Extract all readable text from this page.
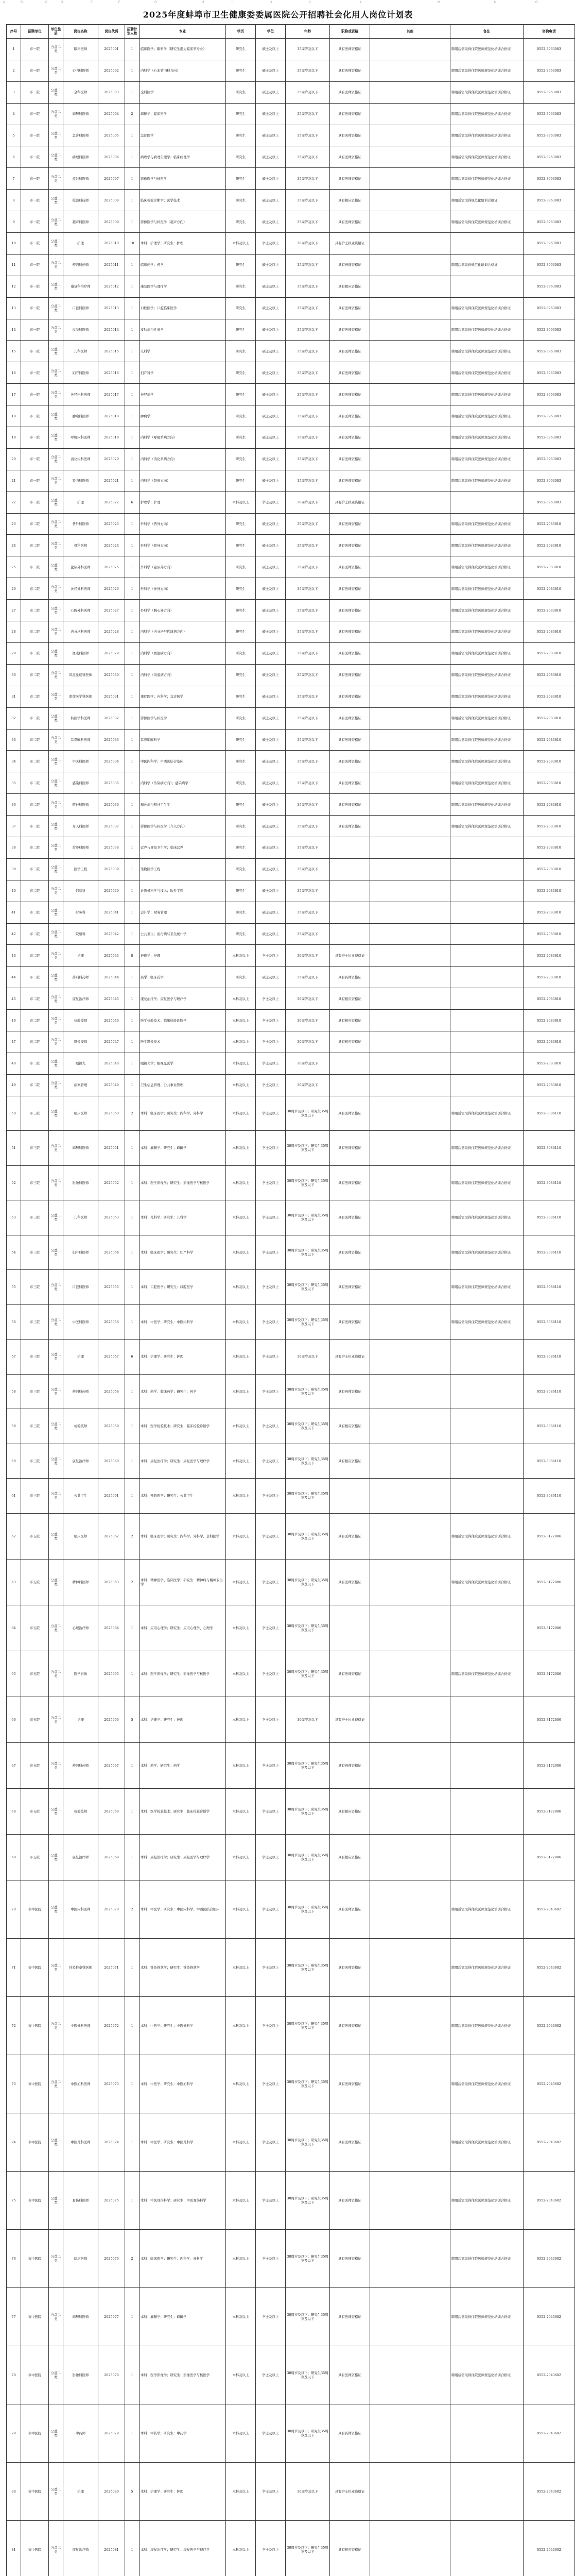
A	B	C	D	E	F	G	H	I	J	K	L	M	N	O
2025年度蚌埠市卫生健康委委属医院公开招聘社会化用人岗位计划表
序号	招聘单位	单位性质	岗位名称	岗位代码	招聘计划人数	专业	学历	学位	年龄	职称或资格	其他	备注	咨询电话
1	市一院	公益二类	眼科医师	2025001	1	临床医学；眼科学（研究生需为临床型专业）	研究生	硕士及以上	35周岁及以下	具有医师资格证		聘用后需取得住院医师规范化培训合格证	0552-3963083
2	市一院	公益二类	心内科医师	2025002	1	内科学（心血管内科方向）	研究生	硕士及以上	35周岁及以下	具有医师资格证		聘用后需取得住院医师规范化培训合格证	0552-3963083
3	市一院	公益二类	全科医师	2025003	1	全科医学	研究生	硕士及以上	35周岁及以下	具有医师资格证		聘用后需取得住院医师规范化培训合格证	0552-3963083
4	市一院	公益二类	麻醉科医师	2025004	2	麻醉学；临床医学	研究生	硕士及以上	35周岁及以下	具有医师资格证		聘用后需取得住院医师规范化培训合格证	0552-3963083
5	市一院	公益二类	急诊科医师	2025005	1	急诊医学	研究生	硕士及以上	35周岁及以下	具有医师资格证		聘用后需取得住院医师规范化培训合格证	0552-3963083
6	市一院	公益二类	病理科医师	2025006	1	病理学与病理生理学；临床病理学	研究生	硕士及以上	35周岁及以下	具有医师资格证		聘用后需取得住院医师规范化培训合格证	0552-3963083
7	市一院	公益二类	放射科医师	2025007	1	影像医学与核医学	研究生	硕士及以上	35周岁及以下	具有医师资格证		聘用后需取得住院医师规范化培训合格证	0552-3963083
8	市一院	公益二类	检验科技师	2025008	1	临床检验诊断学；医学技术	研究生	硕士及以上	35周岁及以下	具有相应资格证		聘用后需取得规范化培训合格证	0552-3963083
9	市一院	公益二类	超声科医师	2025009	1	影像医学与核医学（超声方向）	研究生	硕士及以上	35周岁及以下	具有医师资格证		聘用后需取得住院医师规范化培训合格证	0552-3963083
10	市一院	公益二类	护理	2025010	10	本科：护理学；研究生：护理	本科及以上	学士及以上	30周岁及以下	具有护士执业资格证			0552-3963083
11	市一院	公益二类	药剂科药师	2025011	1	临床药学；药学	研究生	硕士及以上	35周岁及以下	具有药师资格证		聘用后需取得规范化培训合格证	0552-3963083
12	市一院	公益二类	康复科治疗师	2025012	1	康复医学与理疗学	研究生	硕士及以上	35周岁及以下	具有相应资格证			0552-3963083
13	市一院	公益二类	口腔科医师	2025013	1	口腔医学；口腔临床医学	研究生	硕士及以上	35周岁及以下	具有医师资格证		聘用后需取得住院医师规范化培训合格证	0552-3963083
14	市一院	公益二类	皮肤科医师	2025014	1	皮肤病与性病学	研究生	硕士及以上	35周岁及以下	具有医师资格证		聘用后需取得住院医师规范化培训合格证	0552-3963083
15	市一院	公益二类	儿科医师	2025015	1	儿科学	研究生	硕士及以上	35周岁及以下	具有医师资格证		聘用后需取得住院医师规范化培训合格证	0552-3963083
16	市一院	公益二类	妇产科医师	2025016	1	妇产科学	研究生	硕士及以上	35周岁及以下	具有医师资格证		聘用后需取得住院医师规范化培训合格证	0552-3963083
17	市一院	公益二类	神经内科医师	2025017	1	神经病学	研究生	硕士及以上	35周岁及以下	具有医师资格证		聘用后需取得住院医师规范化培训合格证	0552-3963083
18	市一院	公益二类	肿瘤科医师	2025018	1	肿瘤学	研究生	硕士及以上	35周岁及以下	具有医师资格证		聘用后需取得住院医师规范化培训合格证	0552-3963083
19	市一院	公益二类	呼吸内科医师	2025019	1	内科学（呼吸系病方向）	研究生	硕士及以上	35周岁及以下	具有医师资格证		聘用后需取得住院医师规范化培训合格证	0552-3963083
20	市一院	公益二类	消化内科医师	2025020	1	内科学（消化系病方向）	研究生	硕士及以上	35周岁及以下	具有医师资格证		聘用后需取得住院医师规范化培训合格证	0552-3963083
21	市一院	公益二类	肾内科医师	2025021	1	内科学（肾病方向）	研究生	硕士及以上	35周岁及以下	具有医师资格证		聘用后需取得住院医师规范化培训合格证	0552-3963083
22	市一院	公益二类	护理	2025022	6	护理学；护理	本科及以上	学士及以上	30周岁及以下	具有护士执业资格证			0552-3963083
23	市二院	公益二类	普外科医师	2025023	1	外科学（普外方向）	研究生	硕士及以上	35周岁及以下	具有医师资格证		聘用后需取得住院医师规范化培训合格证	0552-2083810
24	市二院	公益二类	骨科医师	2025024	1	外科学（骨外方向）	研究生	硕士及以上	35周岁及以下	具有医师资格证		聘用后需取得住院医师规范化培训合格证	0552-2083810
25	市二院	公益二类	泌尿外科医师	2025025	1	外科学（泌尿外方向）	研究生	硕士及以上	35周岁及以下	具有医师资格证		聘用后需取得住院医师规范化培训合格证	0552-2083810
26	市二院	公益二类	神经外科医师	2025026	1	外科学（神外方向）	研究生	硕士及以上	35周岁及以下	具有医师资格证		聘用后需取得住院医师规范化培训合格证	0552-2083810
27	市二院	公益二类	心胸外科医师	2025027	1	外科学（胸心外方向）	研究生	硕士及以上	35周岁及以下	具有医师资格证		聘用后需取得住院医师规范化培训合格证	0552-2083810
28	市二院	公益二类	内分泌科医师	2025028	1	内科学（内分泌与代谢病方向）	研究生	硕士及以上	35周岁及以下	具有医师资格证		聘用后需取得住院医师规范化培训合格证	0552-2083810
29	市二院	公益二类	血液科医师	2025029	1	内科学（血液病方向）	研究生	硕士及以上	35周岁及以下	具有医师资格证		聘用后需取得住院医师规范化培训合格证	0552-2083810
30	市二院	公益二类	风湿免疫科医师	2025030	1	内科学（风湿病方向）	研究生	硕士及以上	35周岁及以下	具有医师资格证		聘用后需取得住院医师规范化培训合格证	0552-2083810
31	市二院	公益二类	重症医学科医师	2025031	1	重症医学；内科学；急诊医学	研究生	硕士及以上	35周岁及以下	具有医师资格证		聘用后需取得住院医师规范化培训合格证	0552-2083810
32	市二院	公益二类	核医学科医师	2025032	1	影像医学与核医学	研究生	硕士及以上	35周岁及以下	具有医师资格证		聘用后需取得住院医师规范化培训合格证	0552-2083810
33	市二院	公益二类	耳鼻喉科医师	2025033	1	耳鼻咽喉科学	研究生	硕士及以上	35周岁及以下	具有医师资格证		聘用后需取得住院医师规范化培训合格证	0552-2083810
34	市二院	公益二类	中医科医师	2025034	1	中医内科学；中西医结合临床	研究生	硕士及以上	35周岁及以下	具有医师资格证		聘用后需取得住院医师规范化培训合格证	0552-2083810
35	市二院	公益二类	感染科医师	2025035	1	内科学（传染病方向）；感染病学	研究生	硕士及以上	35周岁及以下	具有医师资格证		聘用后需取得住院医师规范化培训合格证	0552-2083810
36	市二院	公益二类	精神科医师	2025036	1	精神病与精神卫生学	研究生	硕士及以上	35周岁及以下	具有医师资格证		聘用后需取得住院医师规范化培训合格证	0552-2083810
37	市二院	公益二类	介入科医师	2025037	1	影像医学与核医学（介入方向）	研究生	硕士及以上	35周岁及以下	具有医师资格证		聘用后需取得住院医师规范化培训合格证	0552-2083810
38	市二院	公益二类	营养科医师	2025038	1	营养与食品卫生学；临床营养	研究生	硕士及以上	35周岁及以下				0552-2083810
39	市二院	公益二类	医学工程	2025039	1	生物医学工程	研究生	硕士及以上	35周岁及以下				0552-2083810
40	市二院	公益二类	信息科	2025040	1	计算机科学与技术；软件工程	研究生	硕士及以上	35周岁及以下				0552-2083810
41	市二院	公益二类	财务科	2025041	1	会计学；财务管理	研究生	硕士及以上	35周岁及以下				0552-2083810
42	市二院	公益二类	院感科	2025042	1	公共卫生；流行病与卫生统计学	研究生	硕士及以上	35周岁及以下				0552-2083810
43	市二院	公益二类	护理	2025043	8	护理学；护理	本科及以上	学士及以上	30周岁及以下	具有护士执业资格证			0552-2083810
44	市二院	公益二类	药剂科药师	2025044	1	药学；临床药学	研究生	硕士及以上	35周岁及以下	具有药师资格证			0552-2083810
45	市二院	公益二类	康复治疗师	2025045	1	康复治疗学；康复医学与理疗学	本科及以上	学士及以上	30周岁及以下	具有相应资格证			0552-2083810
46	市二院	公益二类	检验技师	2025046	1	医学检验技术；临床检验诊断学	本科及以上	学士及以上	30周岁及以下	具有相应资格证			0552-2083810
47	市二院	公益二类	影像技师	2025047	1	医学影像技术	本科及以上	学士及以上	30周岁及以下	具有相应资格证			0552-2083810
48	市二院	公益二类	眼视光	2025048	1	眼视光学；眼视光医学	本科及以上	学士及以上	30周岁及以下				0552-2083810
49	市二院	公益二类	病案管理	2025049	1	卫生信息管理；公共事业管理	本科及以上	学士及以上	30周岁及以下				0552-2083810
50	市三院	公益二类	临床医师	2025050	2	本科：临床医学；研究生：内科学、外科学	本科及以上	学士及以上	30周岁及以下；研究生35周岁及以下	具有医师资格证		聘用后需取得住院医师规范化培训合格证	0552-3086110
51	市三院	公益二类	麻醉科医师	2025051	1	本科：麻醉学；研究生：麻醉学	本科及以上	学士及以上	30周岁及以下；研究生35周岁及以下	具有医师资格证		聘用后需取得住院医师规范化培训合格证	0552-3086110
52	市三院	公益二类	影像科医师	2025052	1	本科：医学影像学；研究生：影像医学与核医学	本科及以上	学士及以上	30周岁及以下；研究生35周岁及以下	具有医师资格证		聘用后需取得住院医师规范化培训合格证	0552-3086110
53	市三院	公益二类	儿科医师	2025053	1	本科：儿科学；研究生：儿科学	本科及以上	学士及以上	30周岁及以下；研究生35周岁及以下	具有医师资格证		聘用后需取得住院医师规范化培训合格证	0552-3086110
54	市三院	公益二类	妇产科医师	2025054	1	本科：临床医学；研究生：妇产科学	本科及以上	学士及以上	30周岁及以下；研究生35周岁及以下	具有医师资格证		聘用后需取得住院医师规范化培训合格证	0552-3086110
55	市三院	公益二类	口腔科医师	2025055	1	本科：口腔医学；研究生：口腔医学	本科及以上	学士及以上	30周岁及以下；研究生35周岁及以下	具有医师资格证		聘用后需取得住院医师规范化培训合格证	0552-3086110
56	市三院	公益二类	中医科医师	2025056	1	本科：中医学；研究生：中医内科学	本科及以上	学士及以上	30周岁及以下；研究生35周岁及以下	具有医师资格证		聘用后需取得住院医师规范化培训合格证	0552-3086110
57	市三院	公益二类	护理	2025057	6	本科：护理学；研究生：护理	本科及以上	学士及以上	30周岁及以下	具有护士执业资格证			0552-3086110
58	市三院	公益二类	药剂科药师	2025058	1	本科：药学、临床药学；研究生：药学	本科及以上	学士及以上	30周岁及以下；研究生35周岁及以下	具有药师资格证			0552-3086110
59	市三院	公益二类	检验技师	2025059	1	本科：医学检验技术；研究生：临床检验诊断学	本科及以上	学士及以上	30周岁及以下；研究生35周岁及以下	具有相应资格证			0552-3086110
60	市三院	公益二类	康复治疗师	2025060	1	本科：康复治疗学；研究生：康复医学与理疗学	本科及以上	学士及以上	30周岁及以下；研究生35周岁及以下	具有相应资格证			0552-3086110
61	市三院	公益二类	公共卫生	2025061	1	本科：预防医学；研究生：公共卫生	本科及以上	学士及以上	30周岁及以下；研究生35周岁及以下				0552-3086110
62	市五院	公益二类	临床医师	2025062	2	本科：临床医学；研究生：内科学、外科学、全科医学	本科及以上	学士及以上	30周岁及以下；研究生35周岁及以下	具有医师资格证		聘用后需取得住院医师规范化培训合格证	0552-3172006
63	市五院	公益二类	精神科医师	2025063	2	本科：精神医学、临床医学；研究生：精神病与精神卫生学	本科及以上	学士及以上	30周岁及以下；研究生35周岁及以下	具有医师资格证		聘用后需取得住院医师规范化培训合格证	0552-3172006
64	市五院	公益二类	心理治疗师	2025064	1	本科：应用心理学；研究生：应用心理学、心理学	本科及以上	学士及以上	30周岁及以下；研究生35周岁及以下				0552-3172006
65	市五院	公益二类	医学影像	2025065	1	本科：医学影像学；研究生：影像医学与核医学	本科及以上	学士及以上	30周岁及以下；研究生35周岁及以下	具有医师资格证		聘用后需取得住院医师规范化培训合格证	0552-3172006
66	市五院	公益二类	护理	2025066	5	本科：护理学；研究生：护理	本科及以上	学士及以上	30周岁及以下	具有护士执业资格证			0552-3172006
67	市五院	公益二类	药剂科药师	2025067	1	本科：药学；研究生：药学	本科及以上	学士及以上	30周岁及以下；研究生35周岁及以下	具有药师资格证			0552-3172006
68	市五院	公益二类	检验技师	2025068	1	本科：医学检验技术；研究生：临床检验诊断学	本科及以上	学士及以上	30周岁及以下；研究生35周岁及以下	具有相应资格证			0552-3172006
69	市五院	公益二类	康复治疗师	2025069	1	本科：康复治疗学；研究生：康复医学与理疗学	本科及以上	学士及以上	30周岁及以下；研究生35周岁及以下	具有相应资格证			0552-3172006
70	市中医院	公益二类	中医内科医师	2025070	2	本科：中医学；研究生：中医内科学、中西医结合临床	本科及以上	学士及以上	30周岁及以下；研究生35周岁及以下	具有医师资格证		聘用后需取得住院医师规范化培训合格证	0552-2043602
71	市中医院	公益二类	针灸推拿科医师	2025071	1	本科：针灸推拿学；研究生：针灸推拿学	本科及以上	学士及以上	30周岁及以下；研究生35周岁及以下	具有医师资格证		聘用后需取得住院医师规范化培训合格证	0552-2043602
72	市中医院	公益二类	中医外科医师	2025072	1	本科：中医学；研究生：中医外科学	本科及以上	学士及以上	30周岁及以下；研究生35周岁及以下	具有医师资格证		聘用后需取得住院医师规范化培训合格证	0552-2043602
73	市中医院	公益二类	中医妇科医师	2025073	1	本科：中医学；研究生：中医妇科学	本科及以上	学士及以上	30周岁及以下；研究生35周岁及以下	具有医师资格证		聘用后需取得住院医师规范化培训合格证	0552-2043602
74	市中医院	公益二类	中医儿科医师	2025074	1	本科：中医学；研究生：中医儿科学	本科及以上	学士及以上	30周岁及以下；研究生35周岁及以下	具有医师资格证		聘用后需取得住院医师规范化培训合格证	0552-2043602
75	市中医院	公益二类	骨伤科医师	2025075	1	本科：中医骨伤科学；研究生：中医骨伤科学	本科及以上	学士及以上	30周岁及以下；研究生35周岁及以下	具有医师资格证		聘用后需取得住院医师规范化培训合格证	0552-2043602
76	市中医院	公益二类	临床医师	2025076	2	本科：临床医学；研究生：内科学、外科学	本科及以上	学士及以上	30周岁及以下；研究生35周岁及以下	具有医师资格证		聘用后需取得住院医师规范化培训合格证	0552-2043602
77	市中医院	公益二类	麻醉科医师	2025077	1	本科：麻醉学；研究生：麻醉学	本科及以上	学士及以上	30周岁及以下；研究生35周岁及以下	具有医师资格证		聘用后需取得住院医师规范化培训合格证	0552-2043602
78	市中医院	公益二类	影像科医师	2025078	1	本科：医学影像学；研究生：影像医学与核医学	本科及以上	学士及以上	30周岁及以下；研究生35周岁及以下	具有医师资格证		聘用后需取得住院医师规范化培训合格证	0552-2043602
79	市中医院	公益二类	中药师	2025079	1	本科：中药学；研究生：中药学	本科及以上	学士及以上	30周岁及以下；研究生35周岁及以下	具有药师资格证			0552-2043602
80	市中医院	公益二类	护理	2025080	5	本科：护理学；研究生：护理	本科及以上	学士及以上	30周岁及以下	具有护士执业资格证			0552-2043602
81	市中医院	公益二类	康复治疗师	2025081	1	本科：康复治疗学；研究生：康复医学与理疗学	本科及以上	学士及以上	30周岁及以下；研究生35周岁及以下	具有相应资格证			0552-2043602
